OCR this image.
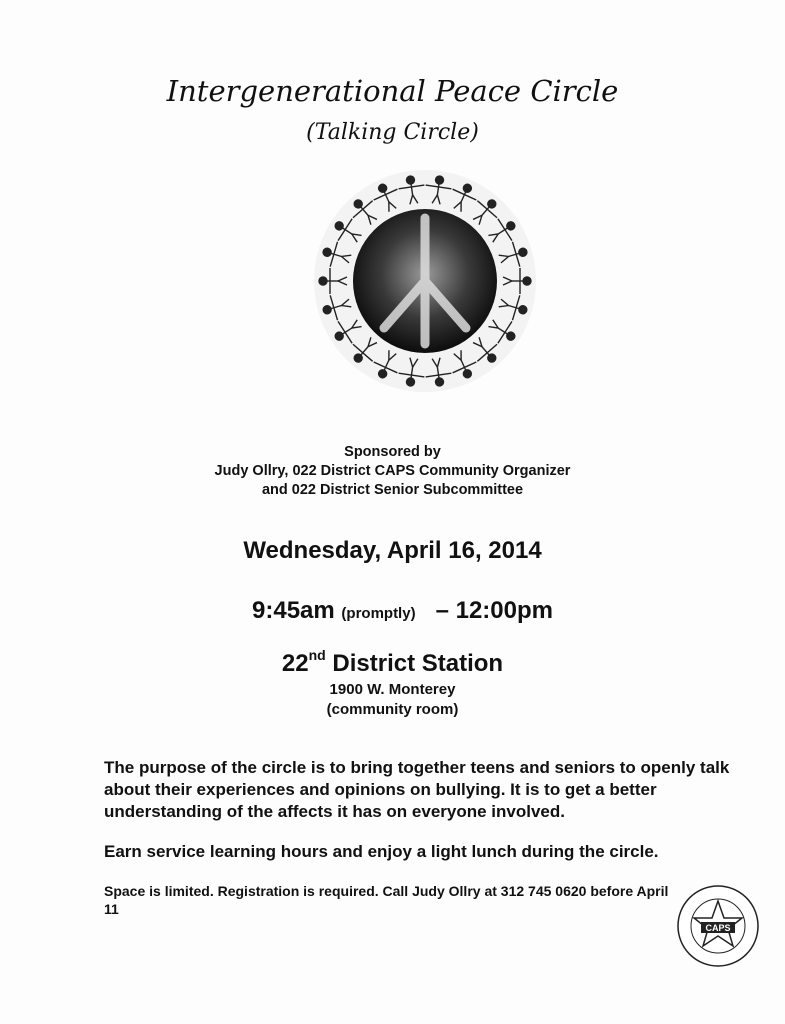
Intergenerational Peace Circle
(Talking Circle)
Sponsored by
Judy Ollry, 022 District CAPS Community Organizer
and 022 District Senior Subcommittee
Wednesday, April 16, 2014
9:45am (promptly) – 12:00pm
22nd District Station
1900 W. Monterey
(community room)
The purpose of the circle is to bring together teens and seniors to openly talk about their experiences and opinions on bullying. It is to get a better understanding of the affects it has on everyone involved.
Earn service learning hours and enjoy a light lunch during the circle.
Space is limited. Registration is required. Call Judy Ollry at 312 745 0620 before April 11
CAPS
